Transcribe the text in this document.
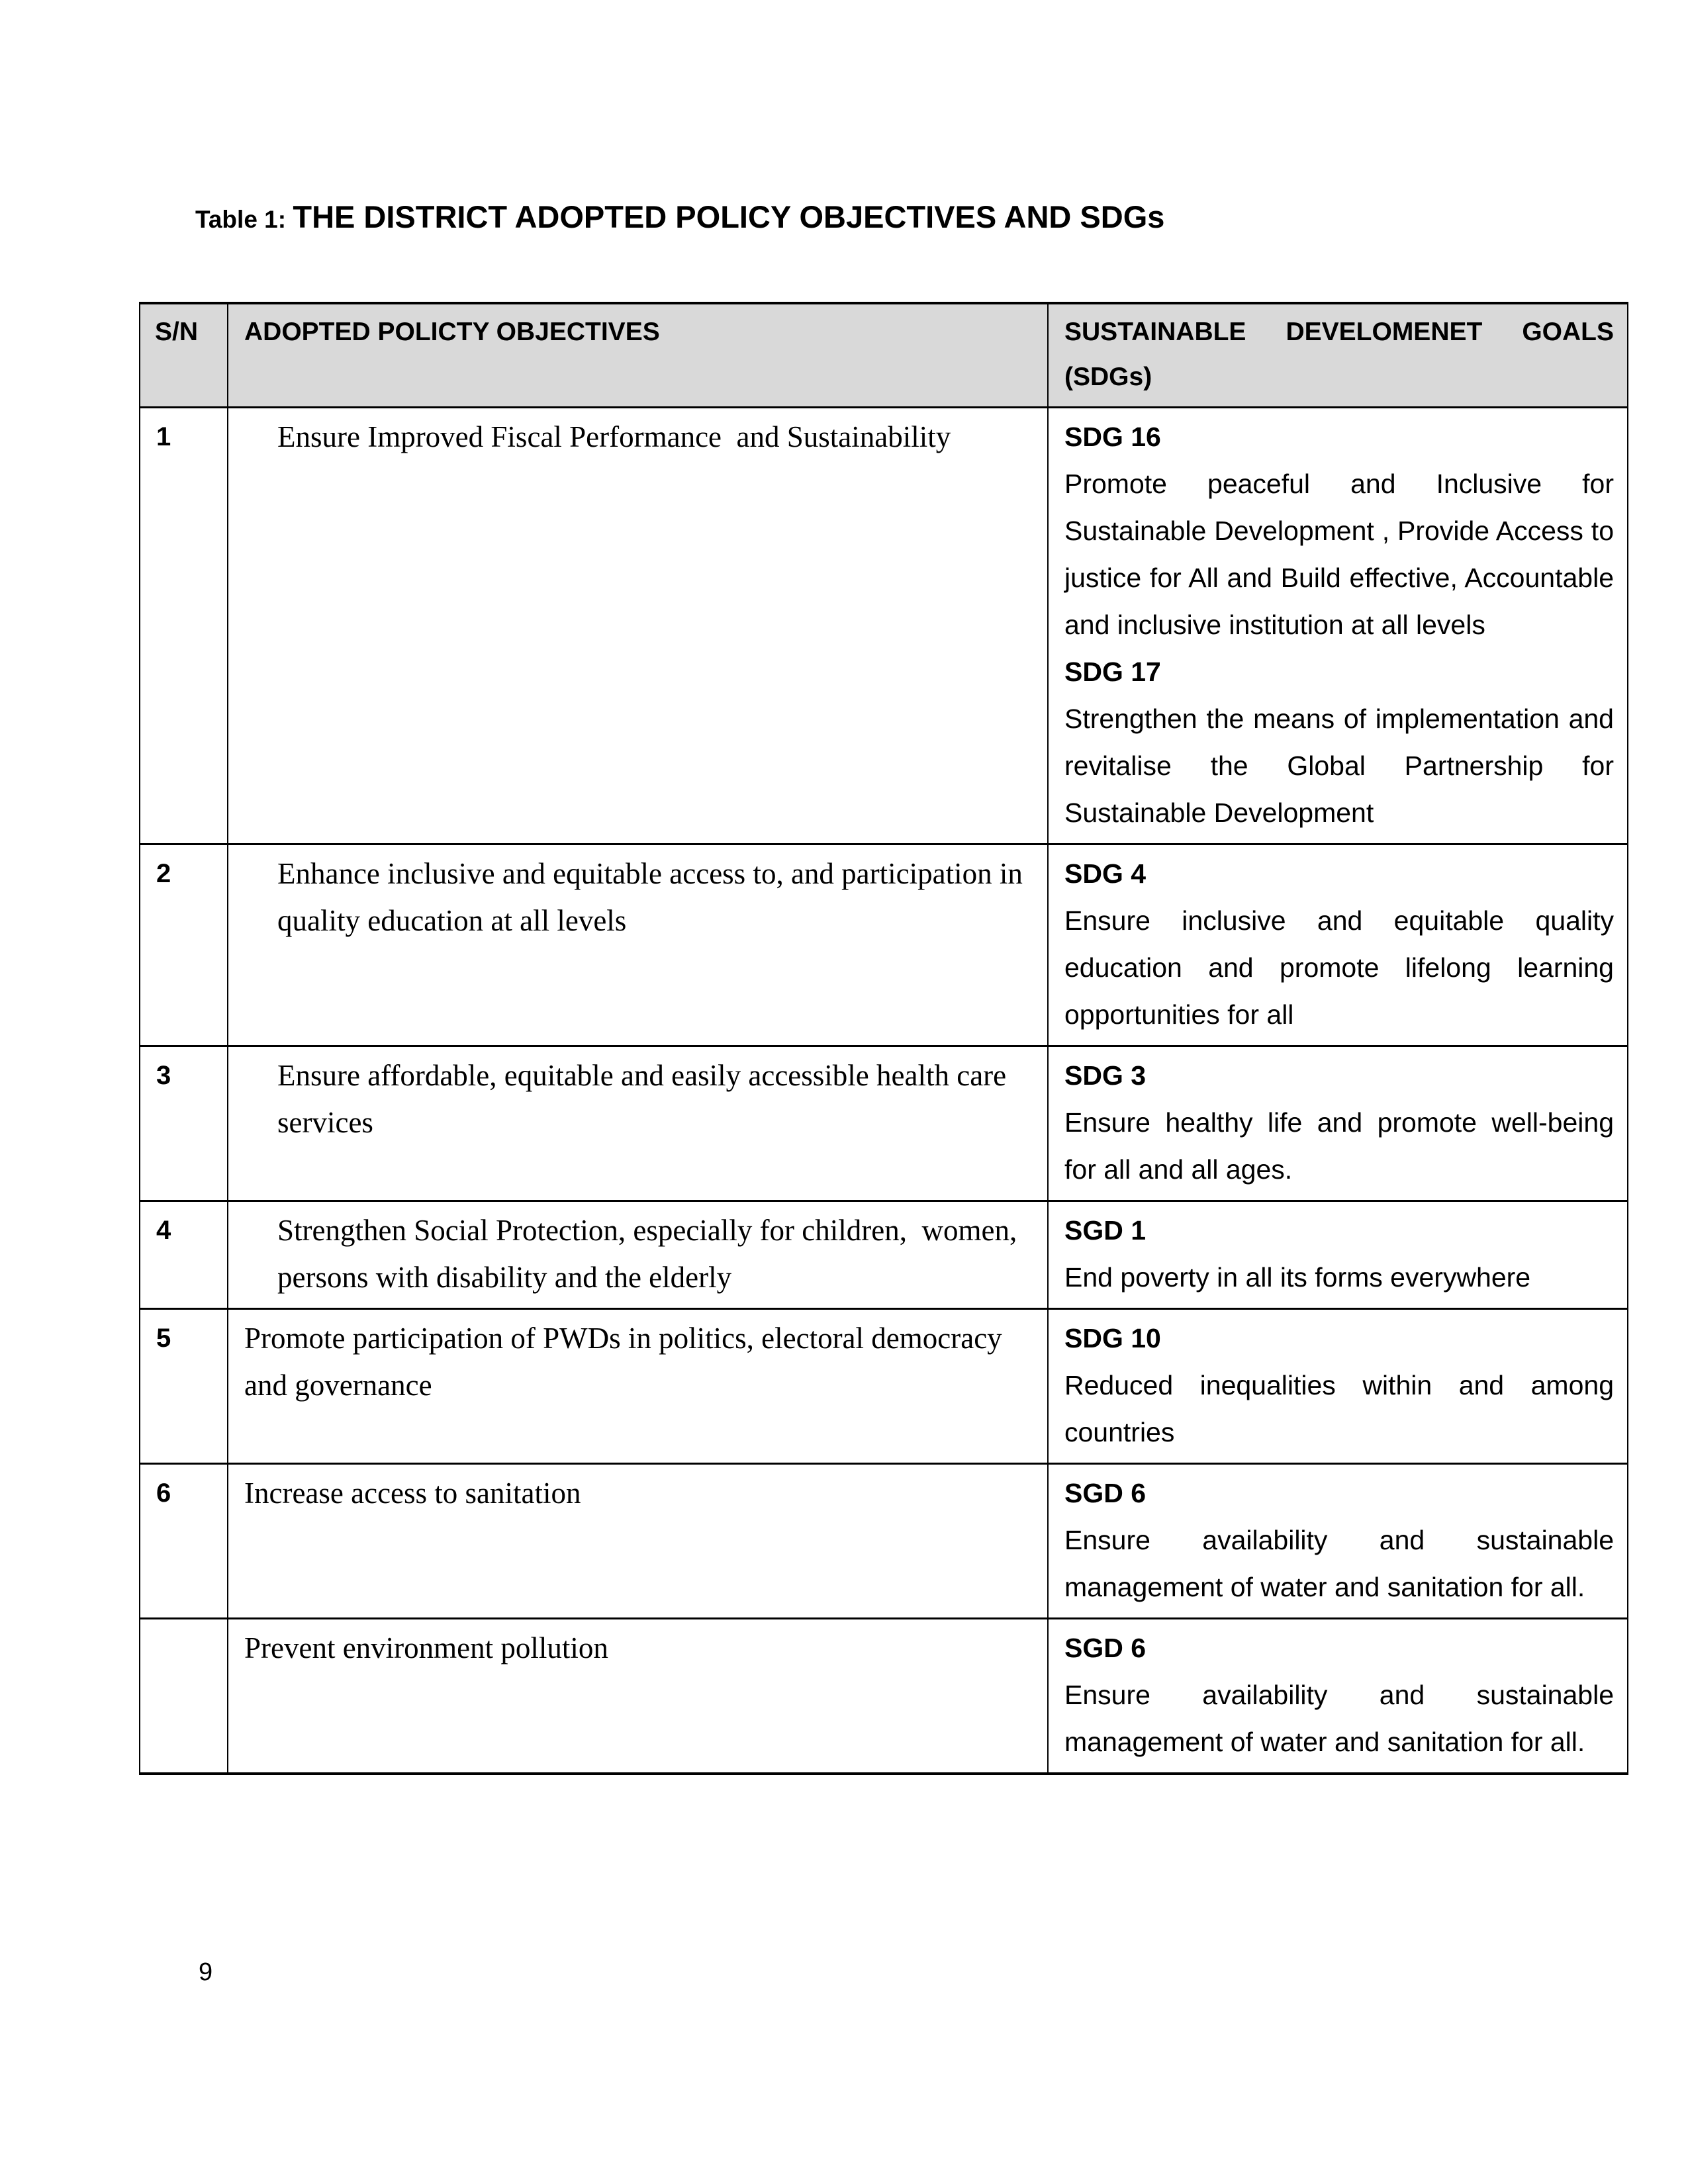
Table 1: THE DISTRICT ADOPTED POLICY OBJECTIVES AND SDGs
S/N	ADOPTED POLICTY OBJECTIVES	SUSTAINABLE DEVELOMENET GOALS
(SDGs)

1	Ensure Improved Fiscal Performance  and Sustainability	SDG 16

Promote peaceful and Inclusive for Sustainable Development , Provide Access to justice for All and Build effective, Accountable and inclusive institution at all levels

SDG 17

Strengthen the means of implementation and revitalise the Global Partnership for Sustainable Development

2	Enhance inclusive and equitable access to, and participation in quality education at all levels	SDG 4

Ensure inclusive and equitable quality education and promote lifelong learning opportunities for all

3	Ensure affordable, equitable and easily accessible health care services	SDG 3

Ensure healthy life and promote well-being for all and all ages.

4	Strengthen Social Protection, especially for children,  women, persons with disability and the elderly	SGD 1

End poverty in all its forms everywhere

5	Promote participation of PWDs in politics, electoral democracy and governance	SDG 10

Reduced inequalities within and among countries

6	Increase access to sanitation	SGD 6

Ensure availability and sustainable management of water and sanitation for all.

	Prevent environment pollution	SGD 6

Ensure availability and sustainable management of water and sanitation for all.

9
